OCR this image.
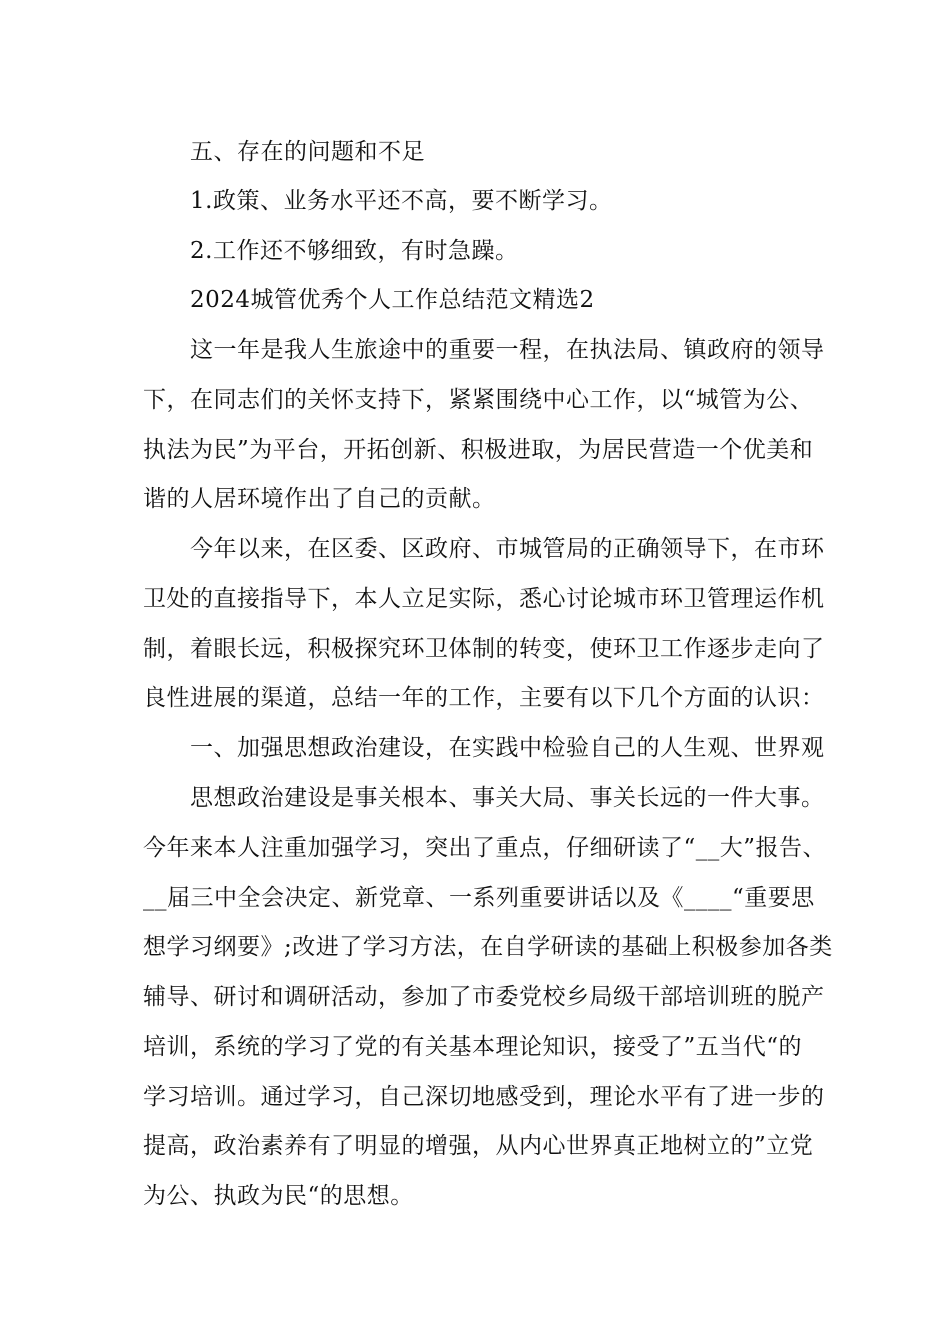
五、存在的问题和不足
1.政策、业务水平还不高，要不断学习。
2.工作还不够细致，有时急躁。
2024城管优秀个人工作总结范文精选2
这一年是我人生旅途中的重要一程，在执法局、镇政府的领导
下，在同志们的关怀支持下，紧紧围绕中心工作，以“城管为公、
执法为民”为平台，开拓创新、积极进取，为居民营造一个优美和
谐的人居环境作出了自己的贡献。
今年以来，在区委、区政府、市城管局的正确领导下，在市环
卫处的直接指导下，本人立足实际，悉心讨论城市环卫管理运作机
制，着眼长远，积极探究环卫体制的转变，使环卫工作逐步走向了
良性进展的渠道，总结一年的工作，主要有以下几个方面的认识：
一、加强思想政治建设，在实践中检验自己的人生观、世界观
思想政治建设是事关根本、事关大局、事关长远的一件大事。
今年来本人注重加强学习，突出了重点，仔细研读了“__大”报告、
__届三中全会决定、新党章、一系列重要讲话以及《____“重要思
想学习纲要》;改进了学习方法，在自学研读的基础上积极参加各类
辅导、研讨和调研活动，参加了市委党校乡局级干部培训班的脱产
培训，系统的学习了党的有关基本理论知识，接受了”五当代“的
学习培训。通过学习，自己深切地感受到，理论水平有了进一步的
提高，政治素养有了明显的增强，从内心世界真正地树立的”立党
为公、执政为民“的思想。
